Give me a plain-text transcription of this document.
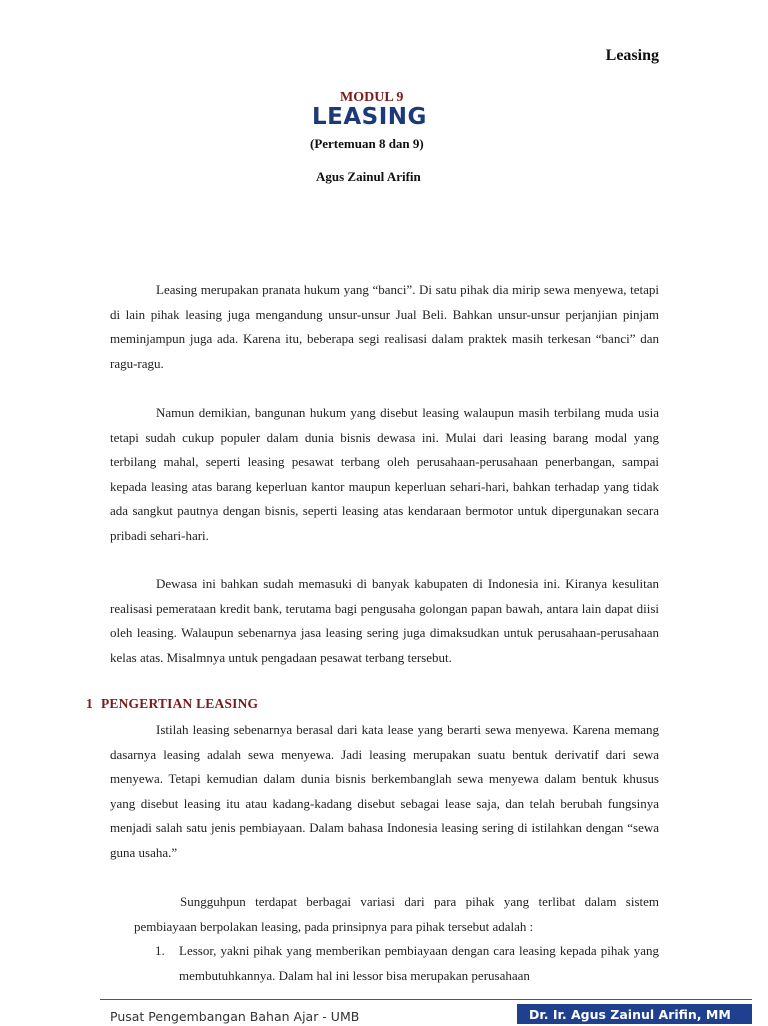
Leasing
MODUL 9
LEASING
(Pertemuan 8 dan 9)
Agus Zainul Arifin

Leasing merupakan pranata hukum yang “banci”. Di satu pihak dia mirip sewa menyewa, tetapi di lain pihak leasing juga mengandung unsur-unsur Jual Beli. Bahkan unsur-unsur perjanjian pinjam meminjampun juga ada. Karena itu, beberapa segi realisasi dalam praktek masih terkesan “banci” dan ragu-ragu.

Namun demikian, bangunan hukum yang disebut leasing walaupun masih terbilang muda usia tetapi sudah cukup populer dalam dunia bisnis dewasa ini. Mulai dari leasing barang modal yang terbilang mahal, seperti leasing pesawat terbang oleh perusahaan-perusahaan penerbangan, sampai kepada leasing atas barang keperluan kantor maupun keperluan sehari-hari, bahkan terhadap yang tidak ada sangkut pautnya dengan bisnis, seperti leasing atas kendaraan bermotor untuk dipergunakan secara pribadi sehari-hari.

Dewasa ini bahkan sudah memasuki di banyak kabupaten di Indonesia ini. Kiranya kesulitan realisasi pemerataan kredit bank, terutama bagi pengusaha golongan papan bawah, antara lain dapat diisi oleh leasing. Walaupun sebenarnya jasa leasing sering juga dimaksudkan untuk perusahaan-perusahaan kelas atas. Misalmnya untuk pengadaan pesawat terbang tersebut.

1 PENGERTIAN LEASING

Istilah leasing sebenarnya berasal dari kata lease yang berarti sewa menyewa. Karena memang dasarnya leasing adalah sewa menyewa. Jadi leasing merupakan suatu bentuk derivatif dari sewa menyewa. Tetapi kemudian dalam dunia bisnis berkembanglah sewa menyewa dalam bentuk khusus yang disebut leasing itu atau kadang-kadang disebut sebagai lease saja, dan telah berubah fungsinya menjadi salah satu jenis pembiayaan. Dalam bahasa Indonesia leasing sering di istilahkan dengan “sewa guna usaha.”

Sungguhpun terdapat berbagai variasi dari para pihak yang terlibat dalam sistem pembiayaan berpolakan leasing, pada prinsipnya para pihak tersebut adalah :

1. Lessor, yakni pihak yang memberikan pembiayaan dengan cara leasing kepada pihak yang membutuhkannya. Dalam hal ini lessor bisa merupakan perusahaan
Pusat Pengembangan Bahan Ajar - UMB	Dr. Ir. Agus Zainul Arifin, MM
